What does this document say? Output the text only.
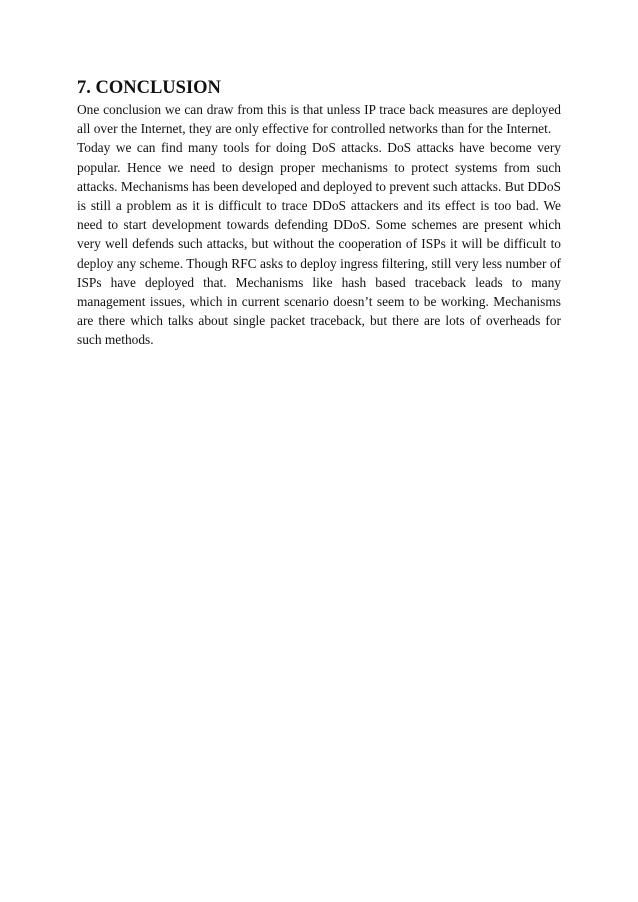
7. CONCLUSION

One conclusion we can draw from this is that unless IP trace back measures are deployed all over the Internet, they are only effective for controlled networks than for the Internet.

Today we can find many tools for doing DoS attacks. DoS attacks have become very popular. Hence we need to design proper mechanisms to protect systems from such attacks. Mechanisms has been developed and deployed to prevent such attacks. But DDoS is still a problem as it is difficult to trace DDoS attackers and its effect is too bad. We need to start development towards defending DDoS. Some schemes are present which very well defends such attacks, but without the cooperation of ISPs it will be difficult to deploy any scheme. Though RFC asks to deploy ingress filtering, still very less number of ISPs have deployed that. Mechanisms like hash based traceback leads to many management issues, which in current scenario doesn’t seem to be working. Mechanisms are there which talks about single packet traceback, but there are lots of overheads for such methods.
